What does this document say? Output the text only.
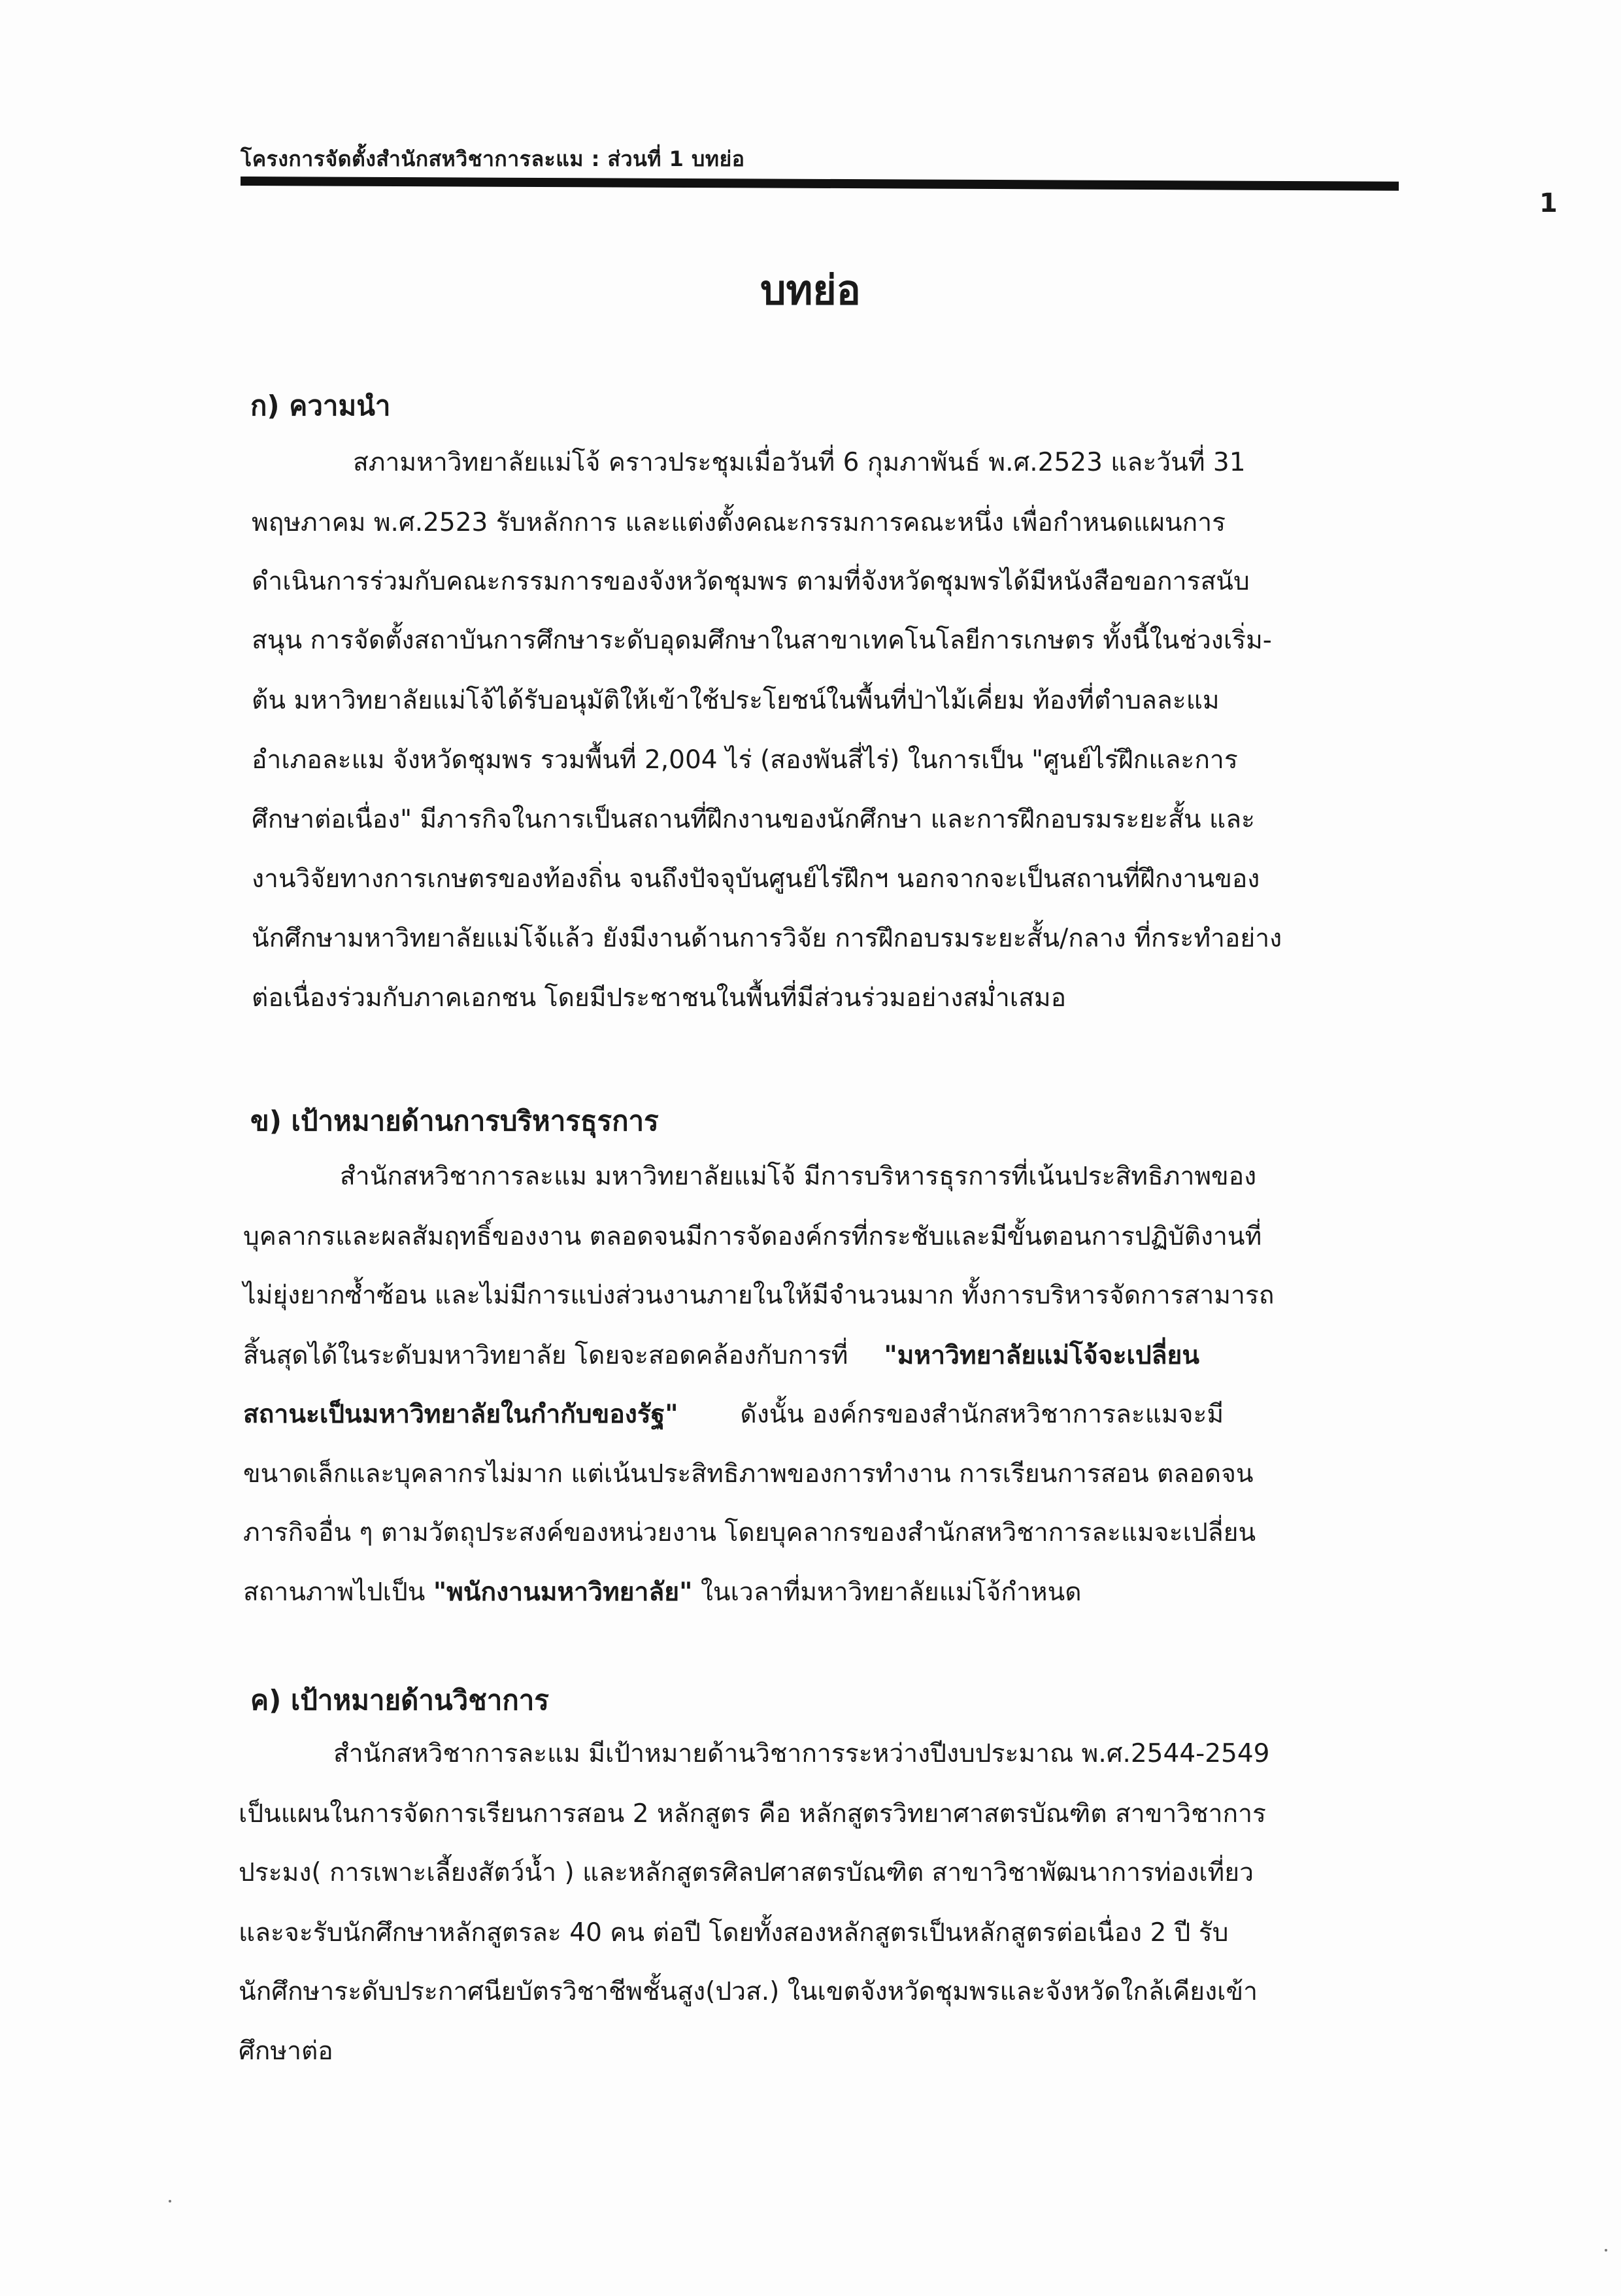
โครงการจัดตั้งสำนักสหวิชาการละแม : ส่วนที่ 1 บทย่อ
1
บทย่อ
ก) ความนำ
สภามหาวิทยาลัยแม่โจ้ คราวประชุมเมื่อวันที่ 6 กุมภาพันธ์ พ.ศ.2523 และวันที่ 31
พฤษภาคม พ.ศ.2523 รับหลักการ และแต่งตั้งคณะกรรมการคณะหนึ่ง เพื่อกำหนดแผนการ
ดำเนินการร่วมกับคณะกรรมการของจังหวัดชุมพร ตามที่จังหวัดชุมพรได้มีหนังสือขอการสนับ
สนุน การจัดตั้งสถาบันการศึกษาระดับอุดมศึกษาในสาขาเทคโนโลยีการเกษตร ทั้งนี้ในช่วงเริ่ม-
ต้น มหาวิทยาลัยแม่โจ้ได้รับอนุมัติให้เข้าใช้ประโยชน์ในพื้นที่ป่าไม้เคี่ยม ท้องที่ตำบลละแม
อำเภอละแม จังหวัดชุมพร รวมพื้นที่ 2,004 ไร่ (สองพันสี่ไร่) ในการเป็น "ศูนย์ไร่ฝึกและการ
ศึกษาต่อเนื่อง" มีภารกิจในการเป็นสถานที่ฝึกงานของนักศึกษา และการฝึกอบรมระยะสั้น และ
งานวิจัยทางการเกษตรของท้องถิ่น จนถึงปัจจุบันศูนย์ไร่ฝึกฯ นอกจากจะเป็นสถานที่ฝึกงานของ
นักศึกษามหาวิทยาลัยแม่โจ้แล้ว ยังมีงานด้านการวิจัย การฝึกอบรมระยะสั้น/กลาง ที่กระทำอย่าง
ต่อเนื่องร่วมกับภาคเอกชน โดยมีประชาชนในพื้นที่มีส่วนร่วมอย่างสม่ำเสมอ
ข) เป้าหมายด้านการบริหารธุรการ
สำนักสหวิชาการละแม มหาวิทยาลัยแม่โจ้ มีการบริหารธุรการที่เน้นประสิทธิภาพของ
บุคลากรและผลสัมฤทธิ์ของงาน ตลอดจนมีการจัดองค์กรที่กระชับและมีขั้นตอนการปฏิบัติงานที่
ไม่ยุ่งยากซ้ำซ้อน และไม่มีการแบ่งส่วนงานภายในให้มีจำนวนมาก ทั้งการบริหารจัดการสามารถ
สิ้นสุดได้ในระดับมหาวิทยาลัย โดยจะสอดคล้องกับการที่ "มหาวิทยาลัยแม่โจ้จะเปลี่ยน
สถานะเป็นมหาวิทยาลัยในกำกับของรัฐ" ดังนั้น องค์กรของสำนักสหวิชาการละแมจะมี
ขนาดเล็กและบุคลากรไม่มาก แต่เน้นประสิทธิภาพของการทำงาน การเรียนการสอน ตลอดจน
ภารกิจอื่น ๆ ตามวัตถุประสงค์ของหน่วยงาน โดยบุคลากรของสำนักสหวิชาการละแมจะเปลี่ยน
สถานภาพไปเป็น "พนักงานมหาวิทยาลัย" ในเวลาที่มหาวิทยาลัยแม่โจ้กำหนด
ค) เป้าหมายด้านวิชาการ
สำนักสหวิชาการละแม มีเป้าหมายด้านวิชาการระหว่างปีงบประมาณ พ.ศ.2544-2549
เป็นแผนในการจัดการเรียนการสอน 2 หลักสูตร คือ หลักสูตรวิทยาศาสตรบัณฑิต สาขาวิชาการ
ประมง( การเพาะเลี้ยงสัตว์น้ำ ) และหลักสูตรศิลปศาสตรบัณฑิต สาขาวิชาพัฒนาการท่องเที่ยว
และจะรับนักศึกษาหลักสูตรละ 40 คน ต่อปี โดยทั้งสองหลักสูตรเป็นหลักสูตรต่อเนื่อง 2 ปี รับ
นักศึกษาระดับประกาศนียบัตรวิชาชีพชั้นสูง(ปวส.) ในเขตจังหวัดชุมพรและจังหวัดใกล้เคียงเข้า
ศึกษาต่อ
